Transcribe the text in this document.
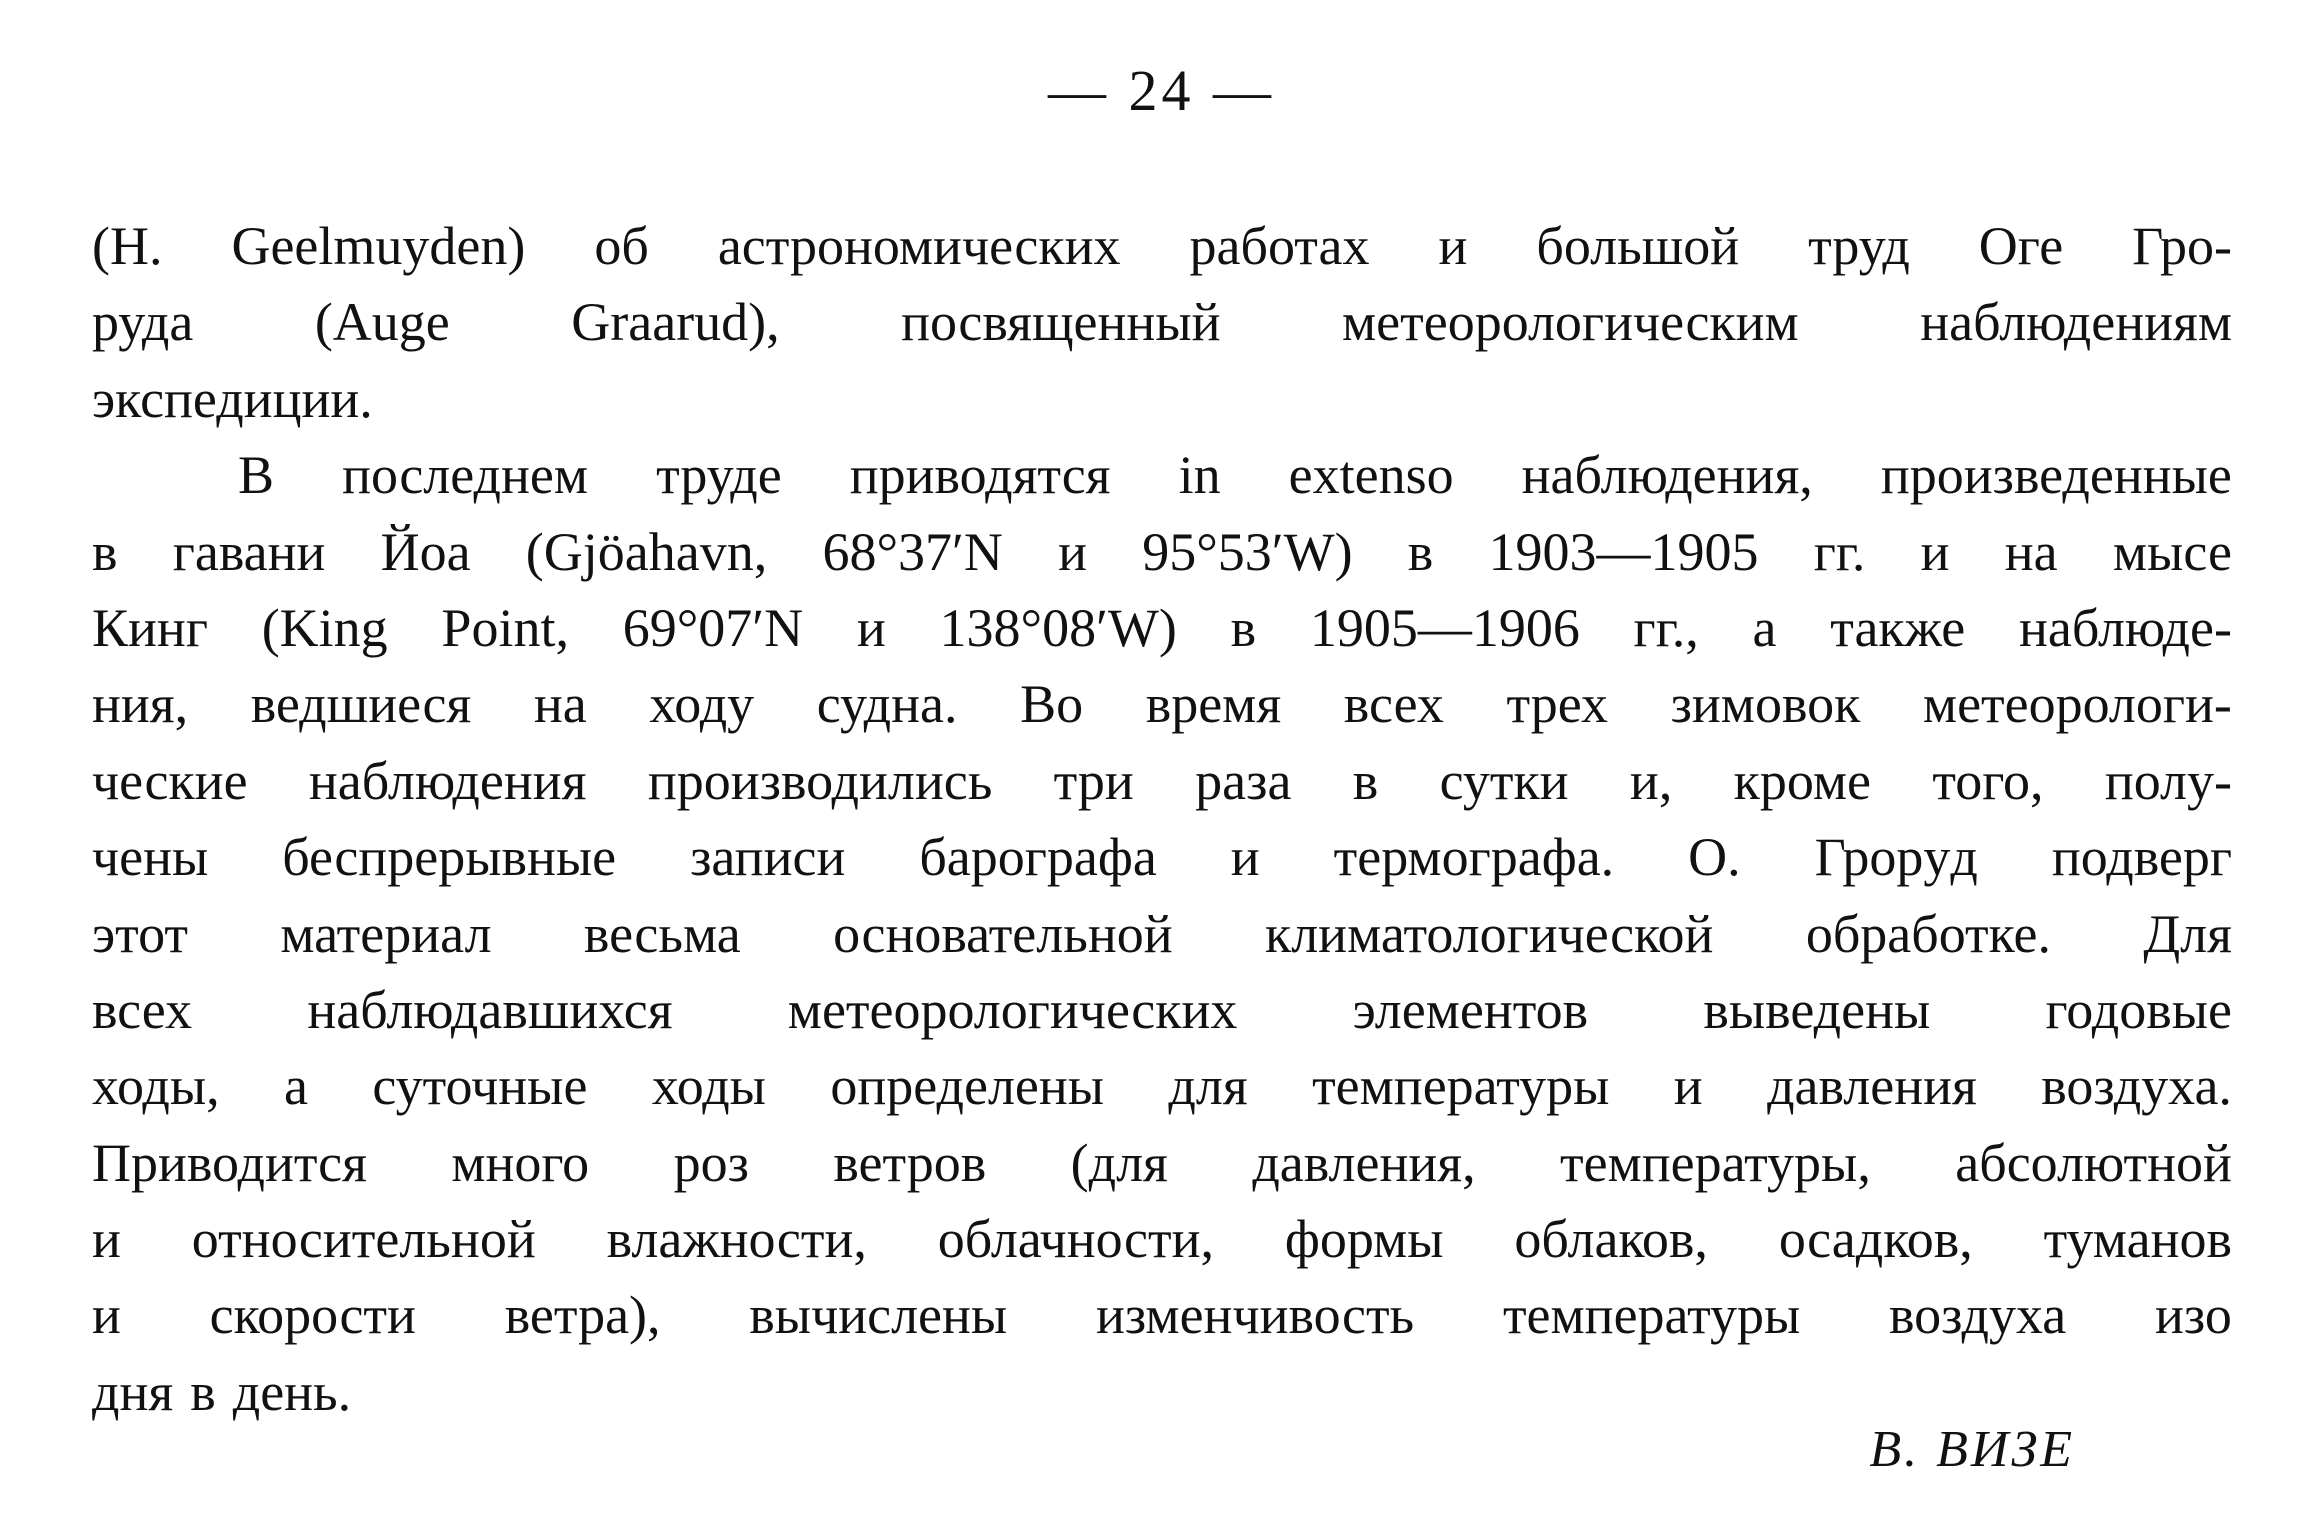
— 24 —
(H. Geelmuyden) об астрономических работах и большой труд Оге Гро-
руда (Auge Graarud), посвященный метеорологическим наблюдениям
экспедиции.
В последнем труде приводятся in extenso наблюдения, произведенные
в гавани Йоа (Gjöahavn, 68°37′N и 95°53′W) в 1903—1905 гг. и на мысе
Кинг (King Point, 69°07′N и 138°08′W) в 1905—1906 гг., а также наблюде-
ния, ведшиеся на ходу судна. Во время всех трех зимовок метеорологи-
ческие наблюдения производились три раза в сутки и, кроме того, полу-
чены беспрерывные записи барографа и термографа. О. Грорyд подверг
этот материал весьма основательной климатологической обработке. Для
всех наблюдавшихся метеорологических элементов выведены годовые
ходы, а суточные ходы определены для температуры и давления воздуха.
Приводится много роз ветров (для давления, температуры, абсолютной
и относительной влажности, облачности, формы облаков, осадков, туманов
и скорости ветра), вычислены изменчивость температуры воздуха изо
дня в день.
В. ВИЗЕ
